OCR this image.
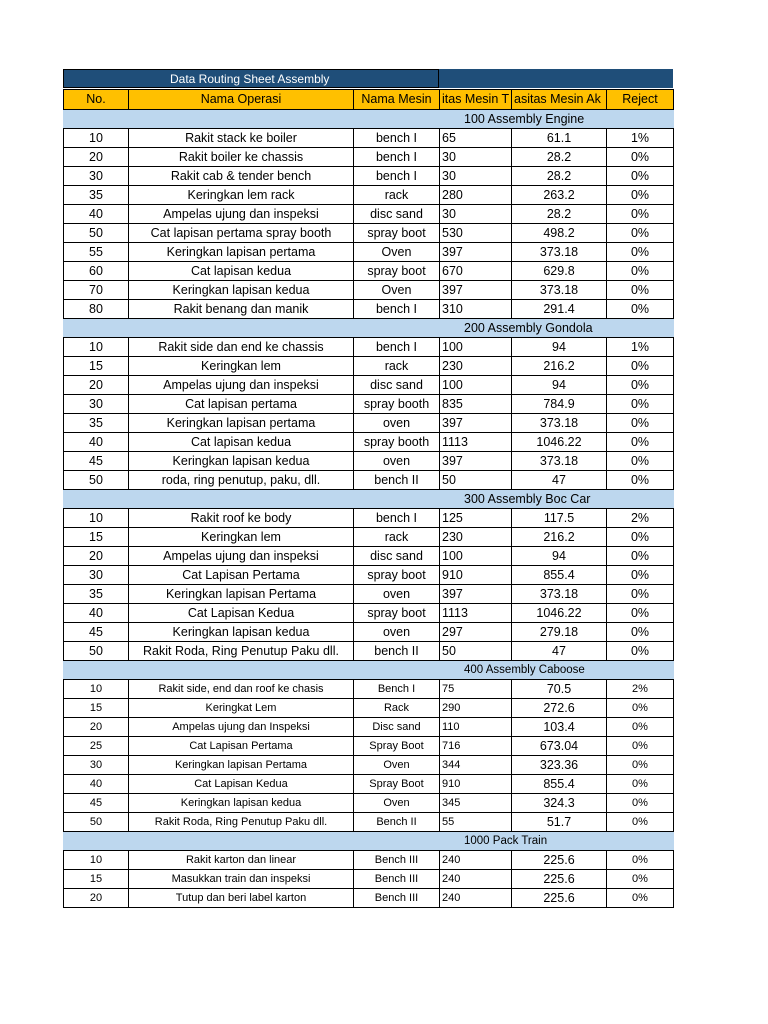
Data Routing Sheet Assembly
No.	Nama Operasi	Nama Mesin	itas Mesin T	asitas Mesin Ak	Reject
			100 Assembly Engine		
10	Rakit stack ke boiler	bench I	65	61.1	1%
20	Rakit boiler ke chassis	bench I	30	28.2	0%
30	Rakit cab & tender bench	bench I	30	28.2	0%
35	Keringkan lem rack	rack	280	263.2	0%
40	Ampelas ujung dan inspeksi	disc sand	30	28.2	0%
50	Cat lapisan pertama spray booth	spray boot	530	498.2	0%
55	Keringkan lapisan pertama	Oven	397	373.18	0%
60	Cat lapisan kedua	spray boot	670	629.8	0%
70	Keringkan lapisan kedua	Oven	397	373.18	0%
80	Rakit benang dan manik	bench I	310	291.4	0%
			200 Assembly Gondola		
10	Rakit side dan end ke chassis	bench I	100	94	1%
15	Keringkan lem	rack	230	216.2	0%
20	Ampelas ujung dan inspeksi	disc sand	100	94	0%
30	Cat lapisan pertama	spray booth	835	784.9	0%
35	Keringkan lapisan pertama	oven	397	373.18	0%
40	Cat lapisan kedua	spray booth	1113	1046.22	0%
45	Keringkan lapisan kedua	oven	397	373.18	0%
50	roda, ring penutup, paku, dll.	bench II	50	47	0%
			300 Assembly Boc Car		
10	Rakit roof ke body	bench I	125	117.5	2%
15	Keringkan lem	rack	230	216.2	0%
20	Ampelas ujung dan inspeksi	disc sand	100	94	0%
30	Cat Lapisan Pertama	spray boot	910	855.4	0%
35	Keringkan lapisan Pertama	oven	397	373.18	0%
40	Cat Lapisan Kedua	spray boot	1113	1046.22	0%
45	Keringkan lapisan kedua	oven	297	279.18	0%
50	Rakit Roda, Ring Penutup Paku dll.	bench II	50	47	0%
			400 Assembly Caboose		
10	Rakit side, end dan roof ke chasis	Bench I	75	70.5	2%
15	Keringkat Lem	Rack	290	272.6	0%
20	Ampelas ujung dan Inspeksi	Disc sand	110	103.4	0%
25	Cat Lapisan Pertama	Spray Boot	716	673.04	0%
30	Keringkan lapisan Pertama	Oven	344	323.36	0%
40	Cat Lapisan Kedua	Spray Boot	910	855.4	0%
45	Keringkan lapisan kedua	Oven	345	324.3	0%
50	Rakit Roda, Ring Penutup Paku dll.	Bench II	55	51.7	0%
			1000 Pack Train		
10	Rakit karton dan linear	Bench III	240	225.6	0%
15	Masukkan train dan inspeksi	Bench III	240	225.6	0%
20	Tutup dan beri label karton	Bench III	240	225.6	0%
